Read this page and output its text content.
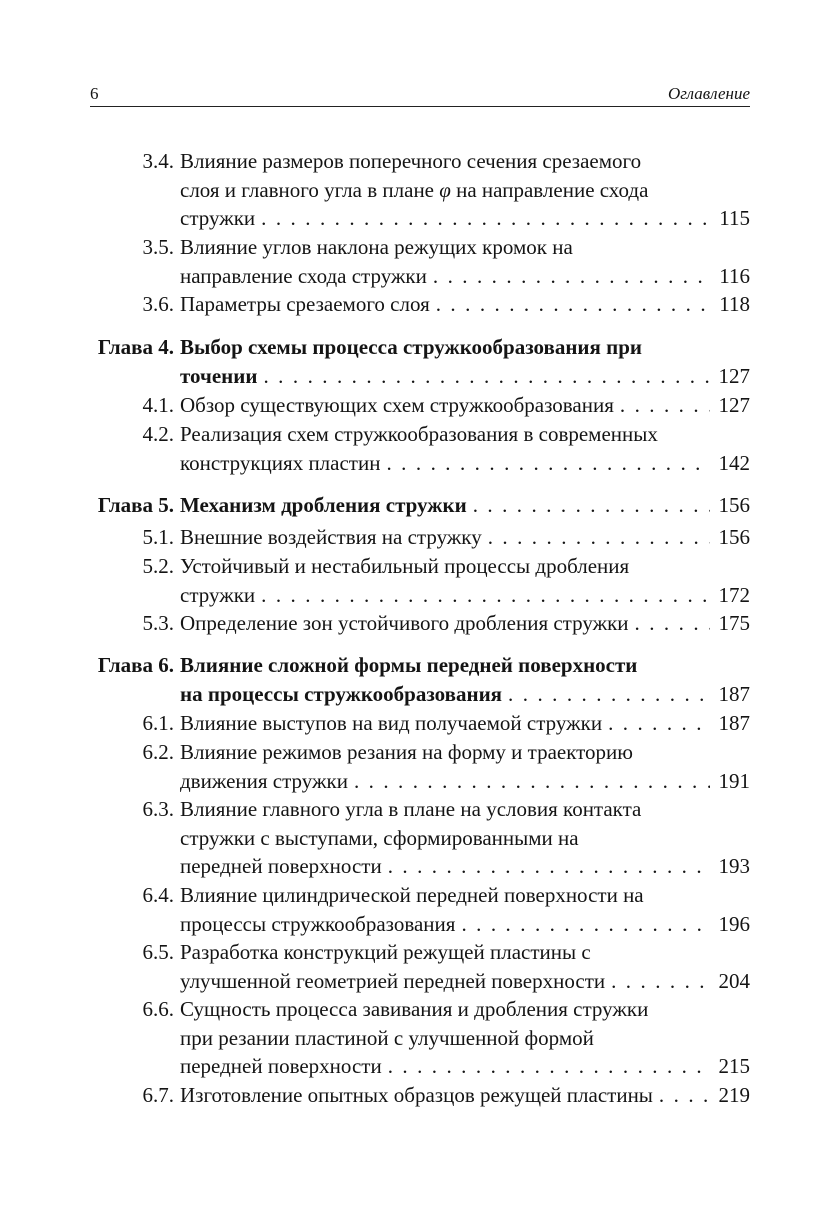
6	Оглавление
3.4. Влияние размеров поперечного сечения срезаемого
слоя и главного угла в плане φ на направление схода
стружки . . .	115
3.5. Влияние углов наклона режущих кромок на
направление схода стружки . . .	116
3.6. Параметры срезаемого слоя . . .	118
Глава 4. Выбор схемы процесса стружкообразования при
точении . . .	127
4.1. Обзор существующих схем стружкообразования . . .	127
4.2. Реализация схем стружкообразования в современных
конструкциях пластин . . .	142
Глава 5. Механизм дробления стружки . . .	156
5.1. Внешние воздействия на стружку . . .	156
5.2. Устойчивый и нестабильный процессы дробления
стружки . . .	172
5.3. Определение зон устойчивого дробления стружки . . .	175
Глава 6. Влияние сложной формы передней поверхности
на процессы стружкообразования . . .	187
6.1. Влияние выступов на вид получаемой стружки . . .	187
6.2. Влияние режимов резания на форму и траекторию
движения стружки . . .	191
6.3. Влияние главного угла в плане на условия контакта
стружки с выступами, сформированными на
передней поверхности . . .	193
6.4. Влияние цилиндрической передней поверхности на
процессы стружкообразования . . .	196
6.5. Разработка конструкций режущей пластины с
улучшенной геометрией передней поверхности . . .	204
6.6. Сущность процесса завивания и дробления стружки
при резании пластиной с улучшенной формой
передней поверхности . . .	215
6.7. Изготовление опытных образцов режущей пластины . . .	219
